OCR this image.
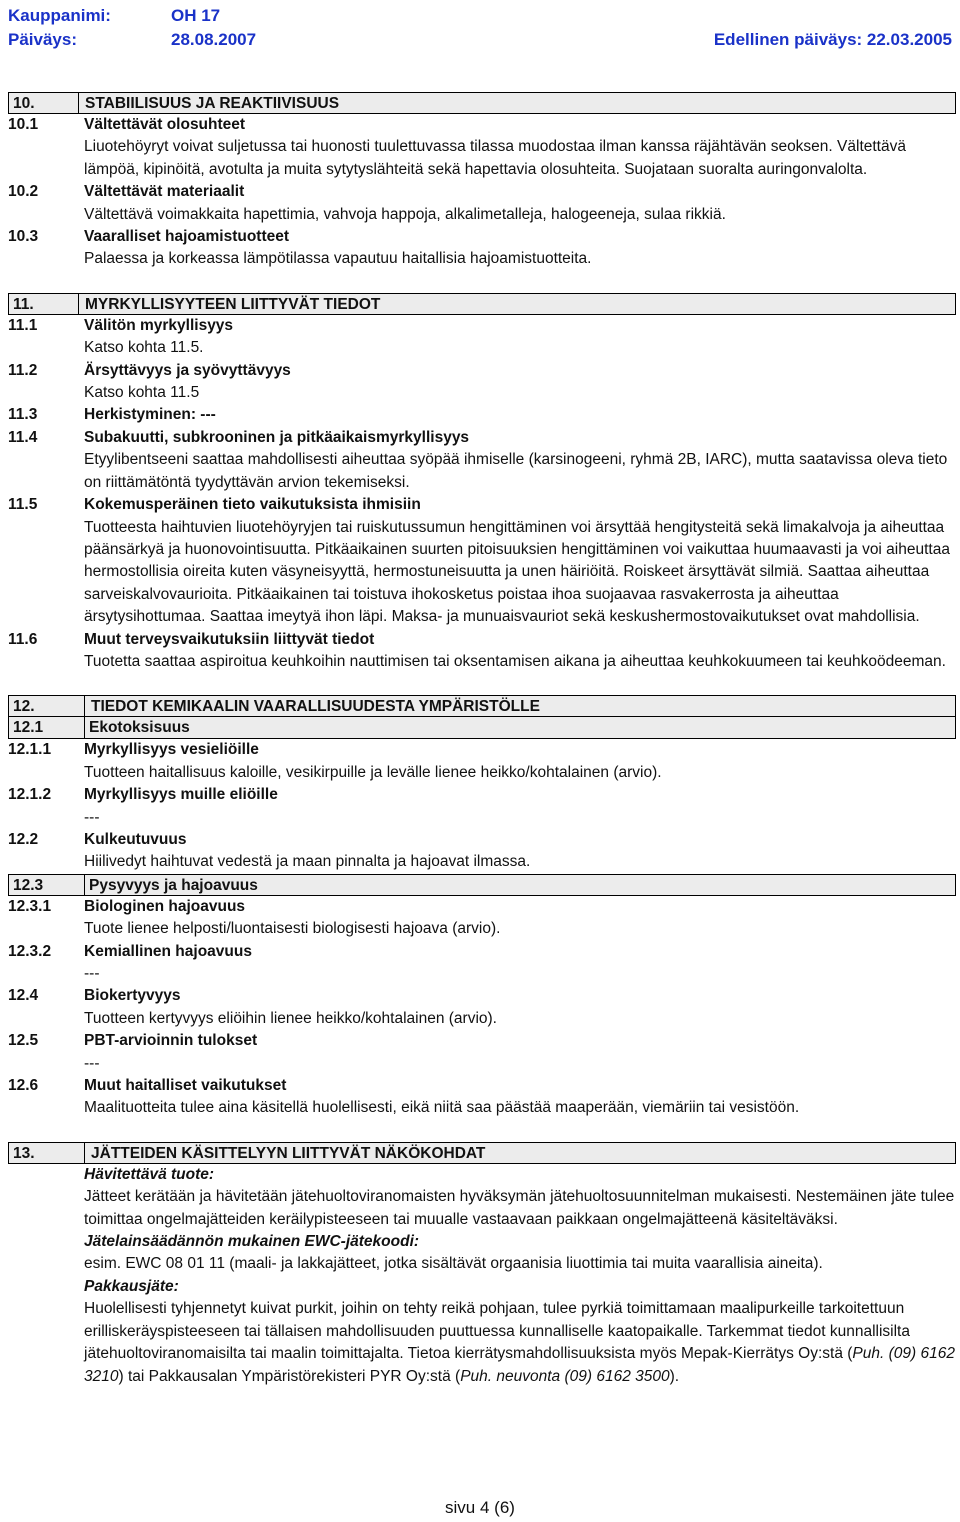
Kauppanimi:	OH 17
Päiväys:	28.08.2007	Edellinen päiväys: 22.03.2005
10.	STABIILISUUS JA REAKTIIVISUUS
10.1	Vältettävät olosuhteet
Liuotehöyryt voivat suljetussa tai huonosti tuulettuvassa tilassa muodostaa ilman kanssa räjähtävän seoksen. Vältettävä lämpöä, kipinöitä, avotulta ja muita sytytyslähteitä sekä hapettavia olosuhteita. Suojataan suoralta auringonvalolta.
10.2	Vältettävät materiaalit
Vältettävä voimakkaita hapettimia, vahvoja happoja, alkalimetalleja, halogeeneja, sulaa rikkiä.
10.3	Vaaralliset hajoamistuotteet
Palaessa ja korkeassa lämpötilassa vapautuu haitallisia hajoamistuotteita.
11.	MYRKYLLISYYTEEN LIITTYVÄT TIEDOT
11.1	Välitön myrkyllisyys
Katso kohta 11.5.
11.2	Ärsyttävyys ja syövyttävyys
Katso kohta 11.5
11.3	Herkistyminen: ---
11.4	Subakuutti, subkrooninen ja pitkäaikaismyrkyllisyys
Etyylibentseeni saattaa mahdollisesti aiheuttaa syöpää ihmiselle (karsinogeeni, ryhmä 2B, IARC), mutta saatavissa oleva tieto on riittämätöntä tyydyttävän arvion tekemiseksi.
11.5	Kokemusperäinen tieto vaikutuksista ihmisiin
Tuotteesta haihtuvien liuotehöyryjen tai ruiskutussumun hengittäminen voi ärsyttää hengitysteitä sekä limakalvoja ja aiheuttaa päänsärkyä ja huonovointisuutta. Pitkäaikainen suurten pitoisuuksien hengittäminen voi vaikuttaa huumaavasti ja voi aiheuttaa hermostollisia oireita kuten väsyneisyyttä, hermostuneisuutta ja unen häiriöitä. Roiskeet ärsyttävät silmiä. Saattaa aiheuttaa sarveiskalvovaurioita. Pitkäaikainen tai toistuva ihokosketus poistaa ihoa suojaavaa rasvakerrosta ja aiheuttaa ärsytysihottumaa. Saattaa imeytyä ihon läpi. Maksa- ja munuaisvauriot sekä keskushermostovaikutukset ovat mahdollisia.
11.6	Muut terveysvaikutuksiin liittyvät tiedot
Tuotetta saattaa aspiroitua keuhkoihin nauttimisen tai oksentamisen aikana ja aiheuttaa keuhkokuumeen tai keuhkoödeeman.
12.	TIEDOT KEMIKAALIN VAARALLISUUDESTA YMPÄRISTÖLLE
12.1	Ekotoksisuus
12.1.1	Myrkyllisyys vesieliöille
Tuotteen haitallisuus kaloille, vesikirpuille ja levälle lienee heikko/kohtalainen (arvio).
12.1.2	Myrkyllisyys muille eliöille
---
12.2	Kulkeutuvuus
Hiilivedyt haihtuvat vedestä ja maan pinnalta ja hajoavat ilmassa.
12.3	Pysyvyys ja hajoavuus
12.3.1	Biologinen hajoavuus
Tuote lienee helposti/luontaisesti biologisesti hajoava (arvio).
12.3.2	Kemiallinen hajoavuus
---
12.4	Biokertyvyys
Tuotteen kertyvyys eliöihin lienee heikko/kohtalainen (arvio).
12.5	PBT-arvioinnin tulokset
---
12.6	Muut haitalliset vaikutukset
Maalituotteita tulee aina käsitellä huolellisesti, eikä niitä saa päästää maaperään, viemäriin tai vesistöön.
13.	JÄTTEIDEN KÄSITTELYYN LIITTYVÄT NÄKÖKOHDAT
Hävitettävä tuote:
Jätteet kerätään ja hävitetään jätehuoltoviranomaisten hyväksymän jätehuoltosuunnitelman mukaisesti. Nestemäinen jäte tulee toimittaa ongelmajätteiden keräilypisteeseen tai muualle vastaavaan paikkaan ongelmajätteenä käsiteltäväksi.
Jätelainsäädännön mukainen EWC-jätekoodi:
esim. EWC 08 01 11 (maali- ja lakkajätteet, jotka sisältävät orgaanisia liuottimia tai muita vaarallisia aineita).
Pakkausjäte:
Huolellisesti tyhjennetyt kuivat purkit, joihin on tehty reikä pohjaan, tulee pyrkiä toimittamaan maalipurkeille tarkoitettuun erilliskeräyspisteeseen tai tällaisen mahdollisuuden puuttuessa kunnalliselle kaatopaikalle. Tarkemmat tiedot kunnallisilta jätehuoltoviranomaisilta tai maalin toimittajalta. Tietoa kierrätysmahdollisuuksista myös Mepak-Kierrätys Oy:stä (Puh. (09) 6162 3210) tai Pakkausalan Ympäristörekisteri PYR Oy:stä (Puh. neuvonta (09) 6162 3500).
sivu 4 (6)
